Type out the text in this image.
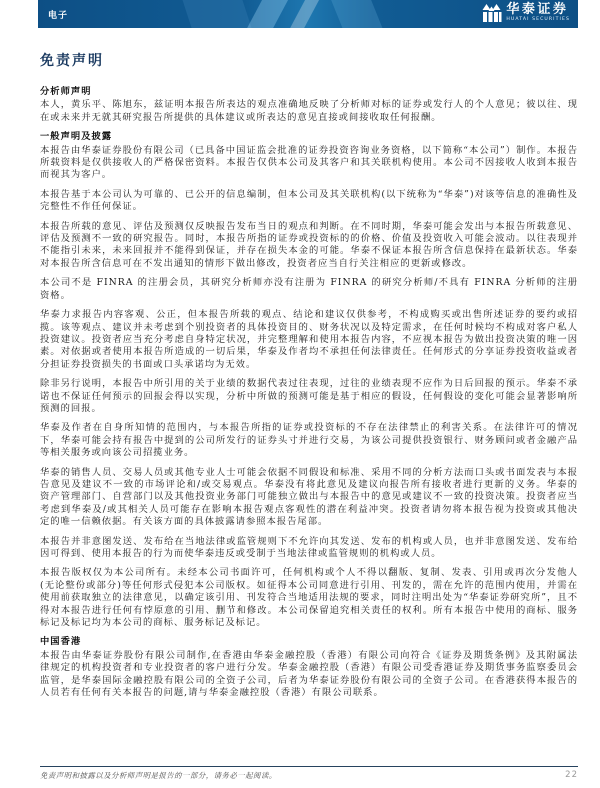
电子	华泰证券
HUATAI SECURITIES
免责声明
分析师声明

本人，黄乐平、陈旭东，兹证明本报告所表达的观点准确地反映了分析师对标的证券或发行人的个人意见；彼以往、现在或未来并无就其研究报告所提供的具体建议或所表达的意见直接或间接收取任何报酬。

一般声明及披露

本报告由华泰证券股份有限公司（已具备中国证监会批准的证券投资咨询业务资格，以下简称“本公司”）制作。本报告所载资料是仅供接收人的严格保密资料。本报告仅供本公司及其客户和其关联机构使用。本公司不因接收人收到本报告而视其为客户。

本报告基于本公司认为可靠的、已公开的信息编制，但本公司及其关联机构(以下统称为“华泰”)对该等信息的准确性及完整性不作任何保证。

本报告所载的意见、评估及预测仅反映报告发布当日的观点和判断。在不同时期，华泰可能会发出与本报告所载意见、评估及预测不一致的研究报告。同时，本报告所指的证券或投资标的的价格、价值及投资收入可能会波动。以往表现并不能指引未来，未来回报并不能得到保证，并存在损失本金的可能。华泰不保证本报告所含信息保持在最新状态。华泰对本报告所含信息可在不发出通知的情形下做出修改，投资者应当自行关注相应的更新或修改。

本公司不是 FINRA 的注册会员，其研究分析师亦没有注册为 FINRA 的研究分析师/不具有 FINRA 分析师的注册资格。

华泰力求报告内容客观、公正，但本报告所载的观点、结论和建议仅供参考，不构成购买或出售所述证券的要约或招揽。该等观点、建议并未考虑到个别投资者的具体投资目的、财务状况以及特定需求，在任何时候均不构成对客户私人投资建议。投资者应当充分考虑自身特定状况，并完整理解和使用本报告内容，不应视本报告为做出投资决策的唯一因素。对依据或者使用本报告所造成的一切后果，华泰及作者均不承担任何法律责任。任何形式的分享证券投资收益或者分担证券投资损失的书面或口头承诺均为无效。

除非另行说明，本报告中所引用的关于业绩的数据代表过往表现，过往的业绩表现不应作为日后回报的预示。华泰不承诺也不保证任何预示的回报会得以实现，分析中所做的预测可能是基于相应的假设，任何假设的变化可能会显著影响所预测的回报。

华泰及作者在自身所知情的范围内，与本报告所指的证券或投资标的不存在法律禁止的利害关系。在法律许可的情况下，华泰可能会持有报告中提到的公司所发行的证券头寸并进行交易，为该公司提供投资银行、财务顾问或者金融产品等相关服务或向该公司招揽业务。

华泰的销售人员、交易人员或其他专业人士可能会依据不同假设和标准、采用不同的分析方法而口头或书面发表与本报告意见及建议不一致的市场评论和/或交易观点。华泰没有将此意见及建议向报告所有接收者进行更新的义务。华泰的资产管理部门、自营部门以及其他投资业务部门可能独立做出与本报告中的意见或建议不一致的投资决策。投资者应当考虑到华泰及/或其相关人员可能存在影响本报告观点客观性的潜在利益冲突。投资者请勿将本报告视为投资或其他决定的唯一信赖依据。有关该方面的具体披露请参照本报告尾部。

本报告并非意图发送、发布给在当地法律或监管规则下不允许向其发送、发布的机构或人员，也并非意图发送、发布给因可得到、使用本报告的行为而使华泰违反或受制于当地法律或监管规则的机构或人员。

本报告版权仅为本公司所有。未经本公司书面许可，任何机构或个人不得以翻版、复制、发表、引用或再次分发他人(无论整份或部分)等任何形式侵犯本公司版权。如征得本公司同意进行引用、刊发的，需在允许的范围内使用，并需在使用前获取独立的法律意见，以确定该引用、刊发符合当地适用法规的要求，同时注明出处为“华泰证券研究所”，且不得对本报告进行任何有悖原意的引用、删节和修改。本公司保留追究相关责任的权利。所有本报告中使用的商标、服务标记及标记均为本公司的商标、服务标记及标记。

中国香港

本报告由华泰证券股份有限公司制作,在香港由华泰金融控股（香港）有限公司向符合《证券及期货条例》及其附属法律规定的机构投资者和专业投资者的客户进行分发。华泰金融控股（香港）有限公司受香港证券及期货事务监察委员会监管，是华泰国际金融控股有限公司的全资子公司，后者为华泰证券股份有限公司的全资子公司。在香港获得本报告的人员若有任何有关本报告的问题,请与华泰金融控股（香港）有限公司联系。

免责声明和披露以及分析师声明是报告的一部分，请务必一起阅读。	22
